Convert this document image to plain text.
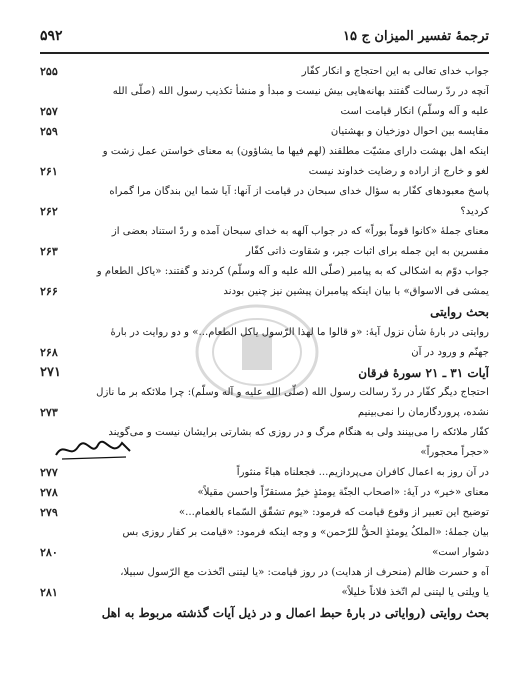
۵۹۲	ترجمهٔ تفسیر المیزان ج ۱۵
جواب خدای تعالی به این احتجاج و انکار کفّار
۲۵۵
آنچه در ردّ رسالت گفتند بهانه‌هایی بیش نیست و مبدأ و منشأ تکذیب رسول الله (صلّی الله
علیه و آله وسلّم) انکار قیامت است
۲۵۷
مقایسه بین احوال دوزخیان و بهشتیان
۲۵۹
اینکه اهل بهشت دارای مشیّت مطلقند (لهم فیها ما یشاؤون) به معنای خواستن عمل زشت و
لغو و خارج از اراده و رضایت خداوند نیست
۲۶۱
پاسخ معبودهای کفّار به سؤال خدای سبحان در قیامت از آنها: آیا شما این بندگان مرا گمراه
کردید؟
۲۶۲
معنای جملهٔ «کانوا قوماً بوراً» که در جواب آلهه به خدای سبحان آمده و ردّ استناد بعضی از
مفسرین به این جمله برای اثبات جبر، و شقاوت ذاتی کفّار
۲۶۳
جواب دوّم به اشکالی که به پیامبر (صلّی الله علیه و آله وسلّم) کردند و گفتند: «یاکل الطعام و
یمشی فی الاسواق» با بیان اینکه پیامبران پیشین نیز چنین بودند
۲۶۶
بحث روایتی
روایتی در بارهٔ شأن نزول آیهٔ: «و قالوا ما لهذا الرّسول یاکل الطعام...» و دو روایت در بارهٔ
جهنّم و ورود در آن
۲۶۸
آیات ۳۱ ـ ۲۱ سورهٔ فرقان
۲۷۱
احتجاج دیگر کفّار در ردّ رسالت رسول الله (صلّی الله علیه و آله وسلّم): چرا ملائکه بر ما نازل
نشده، پروردگارمان را نمی‌بینیم
۲۷۳
کفّار ملائکه را می‌بینند ولی به هنگام مرگ و در روزی که بشارتی برایشان نیست و می‌گویند
«حجراً محجوراً»
در آن روز به اعمال کافران می‌پردازیم... فجعلناه هباءً منثوراً
۲۷۷
معنای «خیر» در آیهٔ: «اصحاب الجنّة یومئذٍ خیرٌ مستقرّاً واحسن مقیلاً»
۲۷۸
توضیح این تعبیر از وقوع قیامت که فرمود: «یوم تشقّق السّماء بالغمام...»
۲۷۹
بیان جملهٔ: «الملکُ یومئذٍ الحقُّ للرّحمن» و وجه اینکه فرمود: «قیامت بر کفار روزی بس
دشوار است»
۲۸۰
آه و حسرت ظالم (منحرف از هدایت) در روز قیامت: «یا لیتنی اتّخذت مع الرّسول سبیلا،
یا ویلتی یا لیتنی لم اتّخذ فلاناً خلیلاً»
۲۸۱
بحث روایتی (روایاتی در بارهٔ حبط اعمال و در ذیل آیات گذشته مربوط به اهل
